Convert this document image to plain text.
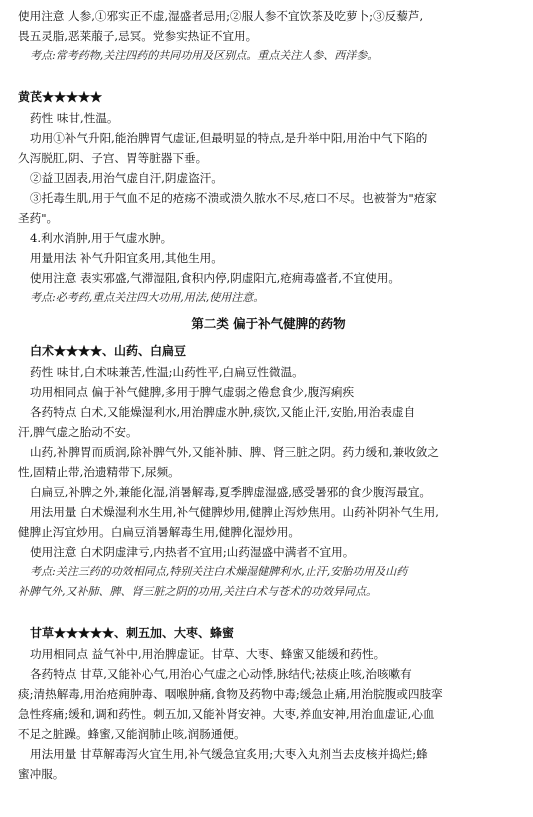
使用注意 人参,①邪实正不虚,湿盛者忌用;②服人参不宜饮茶及吃萝卜;③反藜芦,

畏五灵脂,恶莱菔子,忌冥。党参实热证不宜用。

考点:常考药物,关注四药的共同功用及区别点。重点关注人参、西洋参。

黄芪★★★★★

药性 味甘,性温。

功用①补气升阳,能治脾胃气虚证,但最明显的特点,是升举中阳,用治中气下陷的

久泻脱肛,阴、子宫、胃等脏器下垂。

②益卫固表,用治气虚自汗,阴虚盗汗。

③托毒生肌,用于气血不足的疮疡不溃或溃久脓水不尽,疮口不尽。也被誉为"疮家

圣药"。

4.利水消肿,用于气虚水肿。

用量用法 补气升阳宜炙用,其他生用。

使用注意 表实邪盛,气滞湿阻,食积内停,阴虚阳亢,疮痈毒盛者,不宜使用。

考点:必考药,重点关注四大功用,用法,使用注意。

第二类 偏于补气健脾的药物

白术★★★★、山药、白扁豆

药性 味甘,白术味兼苦,性温;山药性平,白扁豆性微温。

功用相同点 偏于补气健脾,多用于脾气虚弱之倦怠食少,腹泻痢疾

各药特点 白术,又能燥湿利水,用治脾虚水肿,痰饮,又能止汗,安胎,用治表虚自

汗,脾气虚之胎动不安。

山药,补脾胃而质润,除补脾气外,又能补肺、脾、肾三脏之阴。药力缓和,兼收敛之

性,固精止带,治遗精带下,尿频。

白扁豆,补脾之外,兼能化湿,消暑解毒,夏季脾虚湿盛,感受暑邪的食少腹泻最宜。

用法用量 白术燥湿利水生用,补气健脾炒用,健脾止泻炒焦用。山药补阴补气生用,

健脾止泻宜炒用。白扁豆消暑解毒生用,健脾化湿炒用。

使用注意 白术阴虚津亏,内热者不宜用;山药湿盛中满者不宜用。

考点:关注三药的功效相同点,特别关注白术燥湿健脾利水,止汗,安胎功用及山药

补脾气外,又补肺、脾、肾三脏之阴的功用,关注白术与苍术的功效异同点。

甘草★★★★★、刺五加、大枣、蜂蜜

功用相同点 益气补中,用治脾虚证。甘草、大枣、蜂蜜又能缓和药性。

各药特点 甘草,又能补心气,用治心气虚之心动悸,脉结代;祛痰止咳,治咳嗽有

痰;清热解毒,用治疮痈肿毒、咽喉肿痛,食物及药物中毒;缓急止痛,用治脘腹或四肢挛

急性疼痛;缓和,调和药性。刺五加,又能补肾安神。大枣,养血安神,用治血虚证,心血

不足之脏躁。蜂蜜,又能润肺止咳,润肠通便。

用法用量 甘草解毒泻火宜生用,补气缓急宜炙用;大枣入丸剂当去皮核并捣烂;蜂

蜜冲服。
